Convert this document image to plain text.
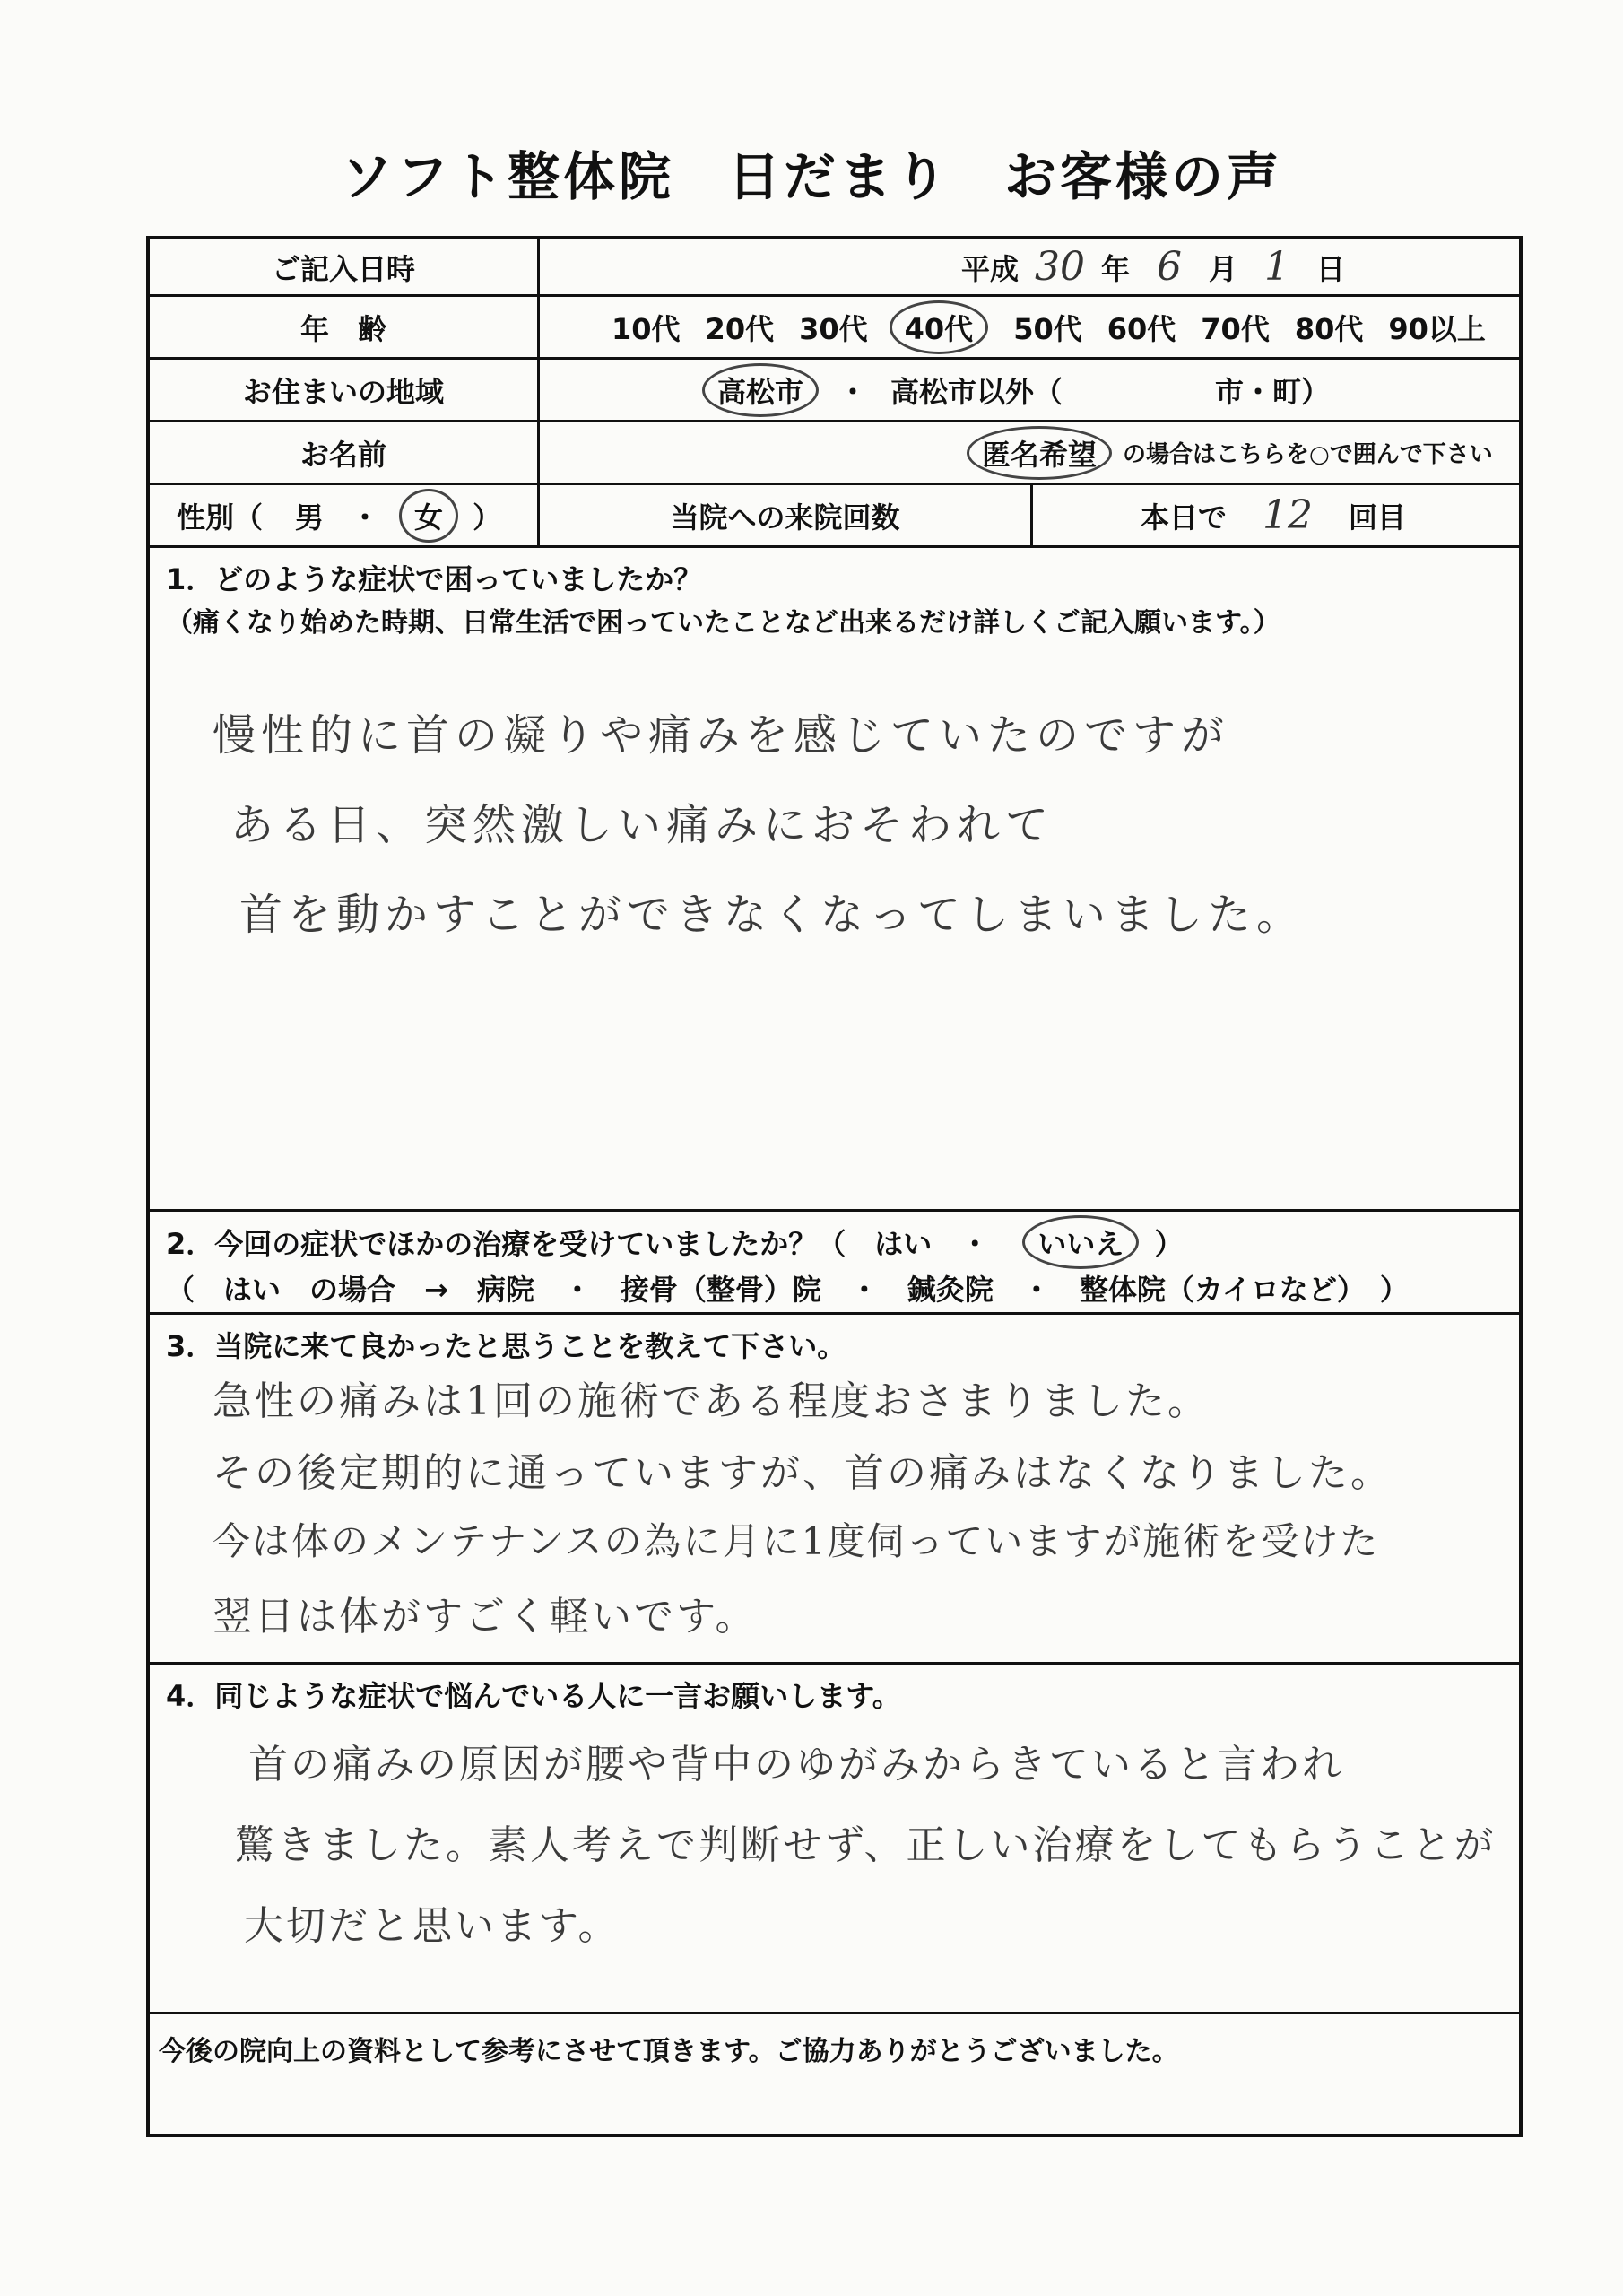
ソフト整体院 日だまり お客様の声
ご記入日時	平成 30 年 6 月 1 日
年　齢	10代 20代 30代	40代	50代 60代 70代 80代 90以上
お住まいの地域	高松市	・ 高松市以外（	市・町）
お名前	匿名希望	の場合はこちらを○で囲んで下さい
性別（ 男 ・	女	）	当院への来院回数	本日で 12 回目
1．どのような症状で困っていましたか？
（痛くなり始めた時期、日常生活で困っていたことなど出来るだけ詳しくご記入願います。）
慢性的に首の凝りや痛みを感じていたのですが
ある日、突然激しい痛みにおそわれて
首を動かすことができなくなってしまいました。
2．今回の症状でほかの治療を受けていましたか？（　はい　・ いいえ ）
（　はい　の場合　→　病院　・　接骨（整骨）院　・　鍼灸院　・　整体院（カイロなど）　）
3．当院に来て良かったと思うことを教えて下さい。
急性の痛みは1回の施術である程度おさまりました。
その後定期的に通っていますが、首の痛みはなくなりました。
今は体のメンテナンスの為に月に1度伺っていますが施術を受けた
翌日は体がすごく軽いです。
4．同じような症状で悩んでいる人に一言お願いします。
首の痛みの原因が腰や背中のゆがみからきていると言われ
驚きました。素人考えで判断せず、正しい治療をしてもらうことが
大切だと思います。
今後の院向上の資料として参考にさせて頂きます。ご協力ありがとうございました。
